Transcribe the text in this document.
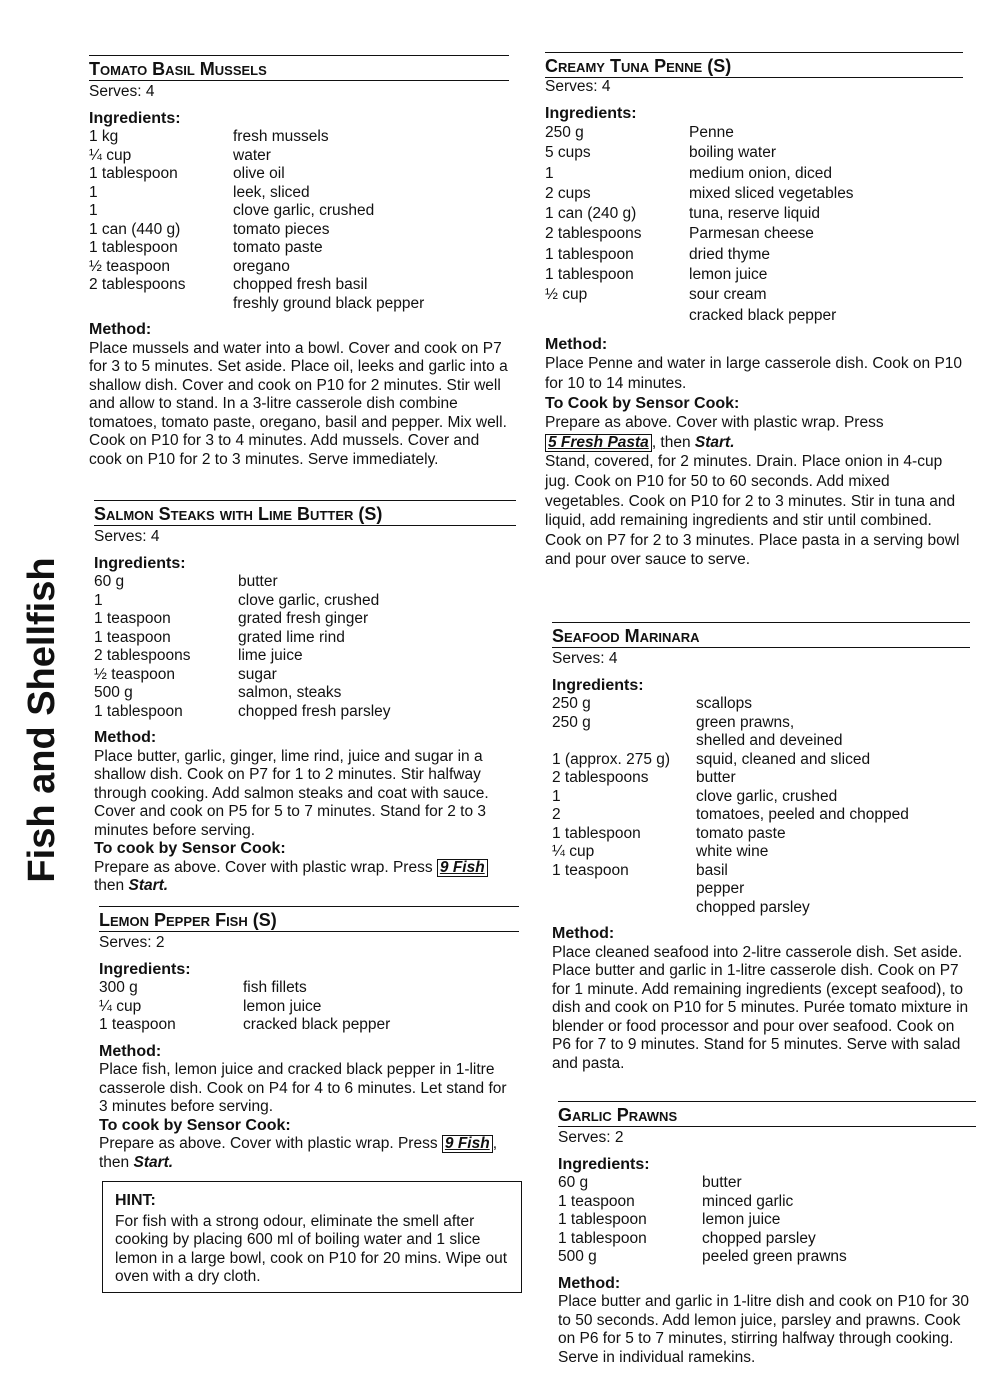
Fish and Shellfish
Tomato Basil Mussels
Serves: 4
Ingredients:
1 kg	fresh mussels
¼ cup	water
1 tablespoon	olive oil
1	leek, sliced
1	clove garlic, crushed
1 can (440 g)	tomato pieces
1 tablespoon	tomato paste
½ teaspoon	oregano
2 tablespoons	chopped fresh basil
freshly ground black pepper
Method:

Place mussels and water into a bowl. Cover and cook on P7 for 3 to 5 minutes. Set aside. Place oil, leeks and garlic into a shallow dish. Cover and cook on P10 for 2 minutes. Stir well and allow to stand. In a 3-litre casserole dish combine tomatoes, tomato paste, oregano, basil and pepper. Mix well. Cook on P10 for 3 to 4 minutes. Add mussels. Cover and cook on P10 for 2 to 3 minutes. Serve immediately.

Salmon Steaks with Lime Butter (S)
Serves: 4
Ingredients:
60 g	butter
1	clove garlic, crushed
1 teaspoon	grated fresh ginger
1 teaspoon	grated lime rind
2 tablespoons	lime juice
½ teaspoon	sugar
500 g	salmon, steaks
1 tablespoon	chopped fresh parsley
Method:

Place butter, garlic, ginger, lime rind, juice and sugar in a shallow dish. Cook on P7 for 1 to 2 minutes. Stir halfway through cooking. Add salmon steaks and coat with sauce. Cover and cook on P5 for 5 to 7 minutes. Stand for 2 to 3 minutes before serving.

To cook by Sensor Cook:
Prepare as above. Cover with plastic wrap. Press 9 Fish then Start.
Lemon Pepper Fish (S)
Serves: 2
Ingredients:
300 g	fish fillets
¼ cup	lemon juice
1 teaspoon	cracked black pepper
Method:

Place fish, lemon juice and cracked black pepper in 1-litre casserole dish. Cook on P4 for 4 to 6 minutes. Let stand for 3 minutes before serving.

To cook by Sensor Cook:
Prepare as above. Cover with plastic wrap. Press 9 Fish , then Start.
HINT:
For fish with a strong odour, eliminate the smell after cooking by placing 600 ml of boiling water and 1 slice lemon in a large bowl, cook on P10 for 20 mins. Wipe out oven with a dry cloth.
Creamy Tuna Penne (S)
Serves: 4
Ingredients:
250 g	Penne
5 cups	boiling water
1	medium onion, diced
2 cups	mixed sliced vegetables
1 can (240 g)	tuna, reserve liquid
2 tablespoons	Parmesan cheese
1 tablespoon	dried thyme
1 tablespoon	lemon juice
½ cup	sour cream
cracked black pepper
Method:

Place Penne and water in large casserole dish. Cook on P10 for 10 to 14 minutes.

To Cook by Sensor Cook:
Prepare as above. Cover with plastic wrap. Press 5 Fresh Pasta , then Start.

Stand, covered, for 2 minutes. Drain. Place onion in 4-cup jug. Cook on P10 for 50 to 60 seconds. Add mixed vegetables. Cook on P10 for 2 to 3 minutes. Stir in tuna and liquid, add remaining ingredients and stir until combined. Cook on P7 for 2 to 3 minutes. Place pasta in a serving bowl and pour over sauce to serve.

Seafood Marinara
Serves: 4
Ingredients:
250 g	scallops
250 g	green prawns,
shelled and deveined
1 (approx. 275 g)	squid, cleaned and sliced
2 tablespoons	butter
1	clove garlic, crushed
2	tomatoes, peeled and chopped
1 tablespoon	tomato paste
¼ cup	white wine
1 teaspoon	basil
pepper
chopped parsley
Method:

Place cleaned seafood into 2-litre casserole dish. Set aside. Place butter and garlic in 1-litre casserole dish. Cook on P7 for 1 minute. Add remaining ingredients (except seafood), to dish and cook on P10 for 5 minutes. Purée tomato mixture in blender or food processor and pour over seafood. Cook on P6 for 7 to 9 minutes. Stand for 5 minutes. Serve with salad and pasta.

Garlic Prawns
Serves: 2
Ingredients:
60 g	butter
1 teaspoon	minced garlic
1 tablespoon	lemon juice
1 tablespoon	chopped parsley
500 g	peeled green prawns
Method:

Place butter and garlic in 1-litre dish and cook on P10 for 30 to 50 seconds. Add lemon juice, parsley and prawns. Cook on P6 for 5 to 7 minutes, stirring halfway through cooking. Serve in individual ramekins.
